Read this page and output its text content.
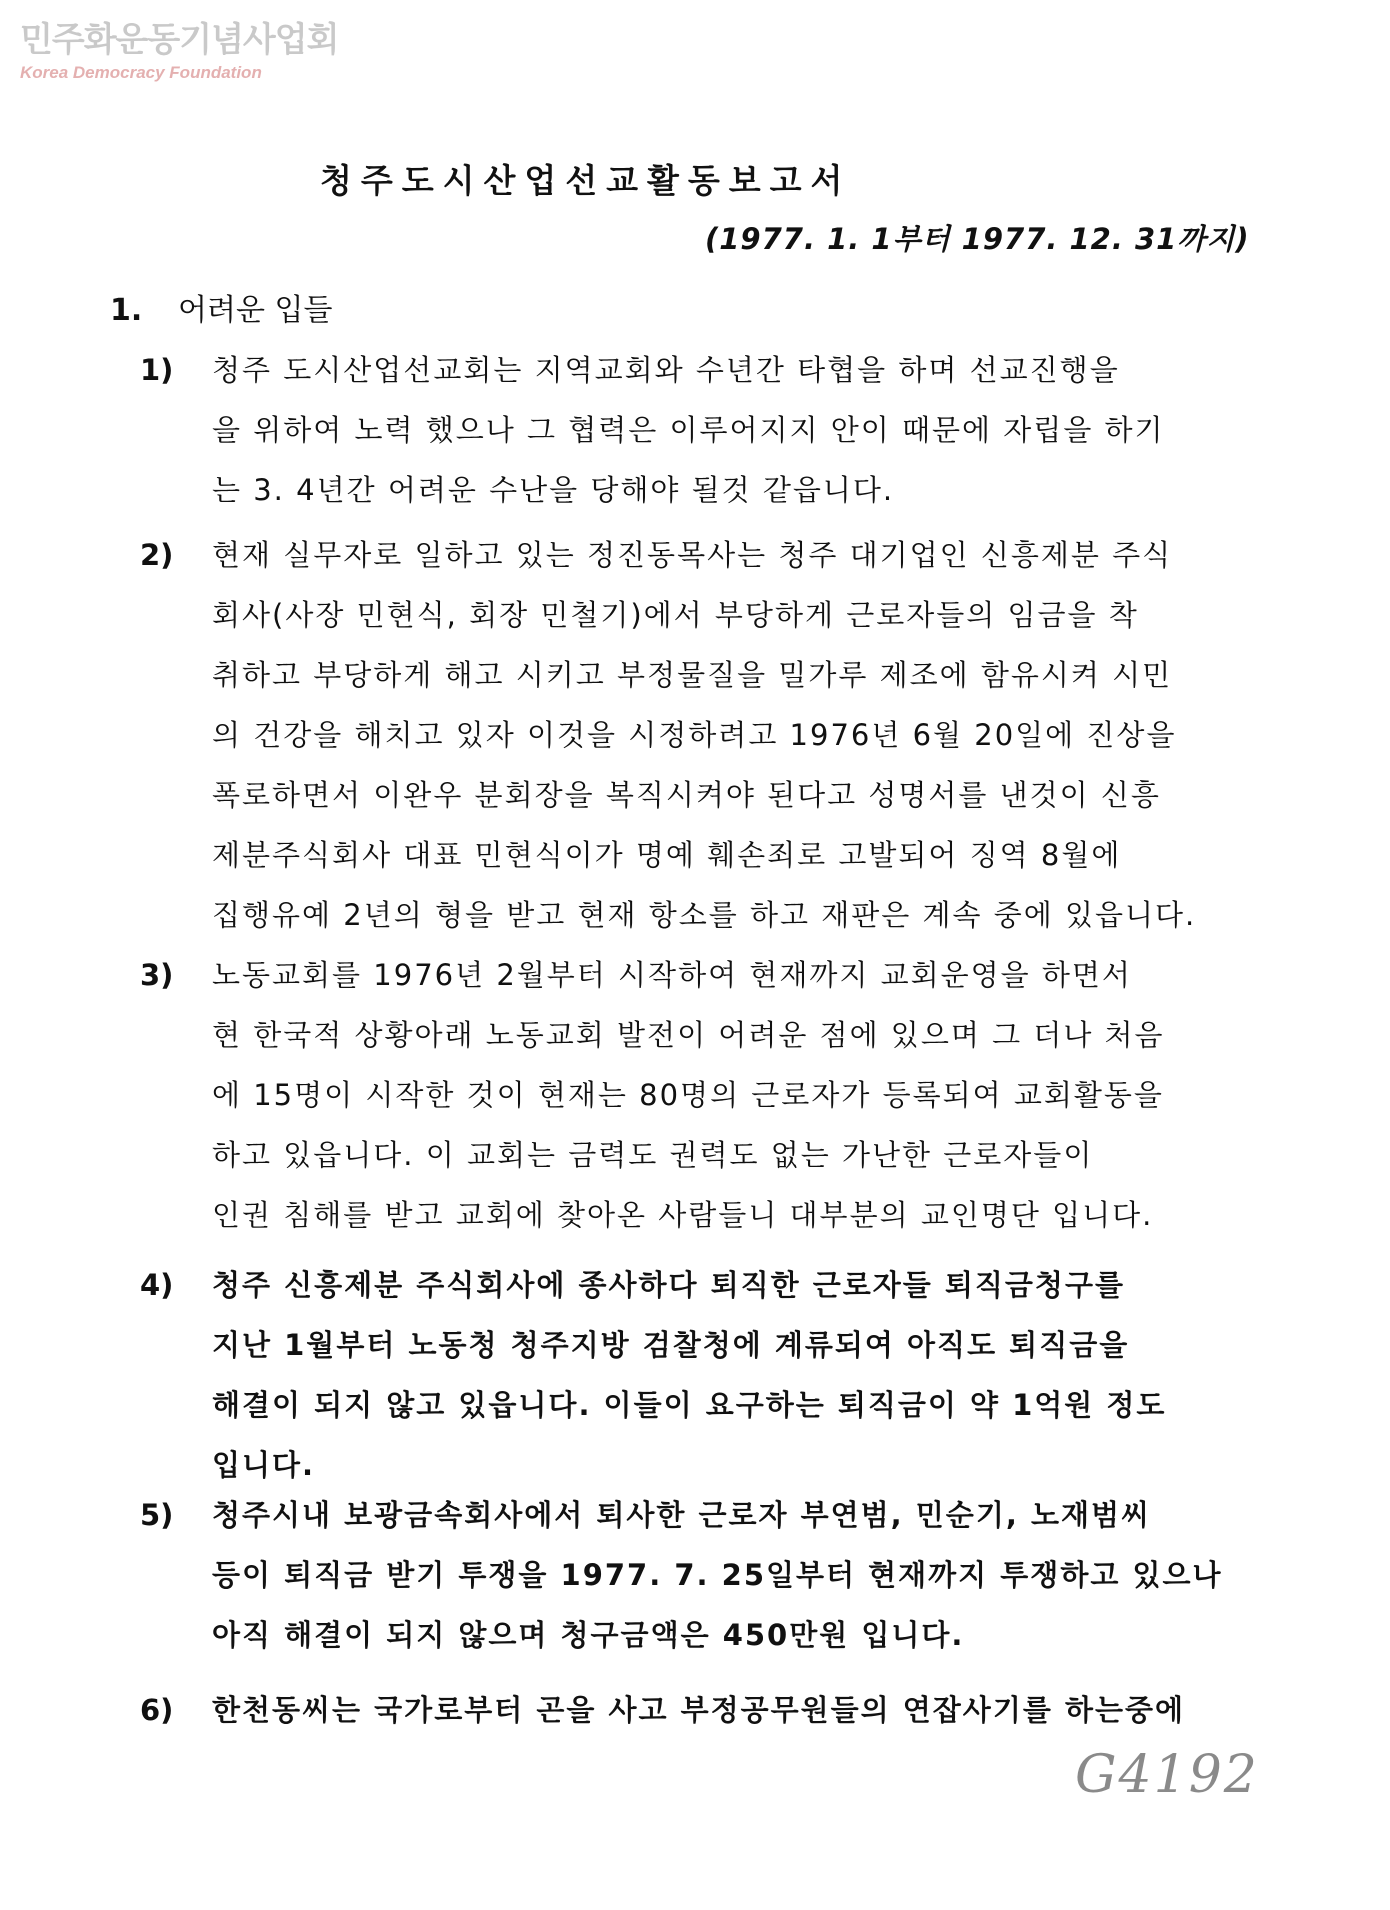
민주화운동기념사업회
Korea Democracy Foundation
청주도시산업선교활동보고서
(1977. 1. 1부터 1977. 12. 31까지)
1. 어려운 입들
1) 청주 도시산업선교회는 지역교회와 수년간 타협을 하며 선교진행을
을 위하여 노력 했으나 그 협력은 이루어지지 안이 때문에 자립을 하기
는 3. 4년간 어려운 수난을 당해야 될것 같읍니다.
2) 현재 실무자로 일하고 있는 정진동목사는 청주 대기업인 신흥제분 주식
회사(사장 민현식, 회장 민철기)에서 부당하게 근로자들의 임금을 착
취하고 부당하게 해고 시키고 부정물질을 밀가루 제조에 함유시켜 시민
의 건강을 해치고 있자 이것을 시정하려고 1976년 6월 20일에 진상을
폭로하면서 이완우 분회장을 복직시켜야 된다고 성명서를 낸것이 신흥
제분주식회사 대표 민현식이가 명예 훼손죄로 고발되어 징역 8월에
집행유예 2년의 형을 받고 현재 항소를 하고 재판은 계속 중에 있읍니다.
3) 노동교회를 1976년 2월부터 시작하여 현재까지 교회운영을 하면서
현 한국적 상황아래 노동교회 발전이 어려운 점에 있으며 그 더나 처음
에 15명이 시작한 것이 현재는 80명의 근로자가 등록되여 교회활동을
하고 있읍니다. 이 교회는 금력도 권력도 없는 가난한 근로자들이
인권 침해를 받고 교회에 찾아온 사람들니 대부분의 교인명단 입니다.
4) 청주 신흥제분 주식회사에 종사하다 퇴직한 근로자들 퇴직금청구를
지난 1월부터 노동청 청주지방 검찰청에 계류되여 아직도 퇴직금을
해결이 되지 않고 있읍니다. 이들이 요구하는 퇴직금이 약 1억원 정도
입니다.
5) 청주시내 보광금속회사에서 퇴사한 근로자 부연범, 민순기, 노재범씨
등이 퇴직금 받기 투쟁을 1977. 7. 25일부터 현재까지 투쟁하고 있으나
아직 해결이 되지 않으며 청구금액은 450만원 입니다.
6) 한천동씨는 국가로부터 곤을 사고 부정공무원들의 연잡사기를 하는중에
G4192
